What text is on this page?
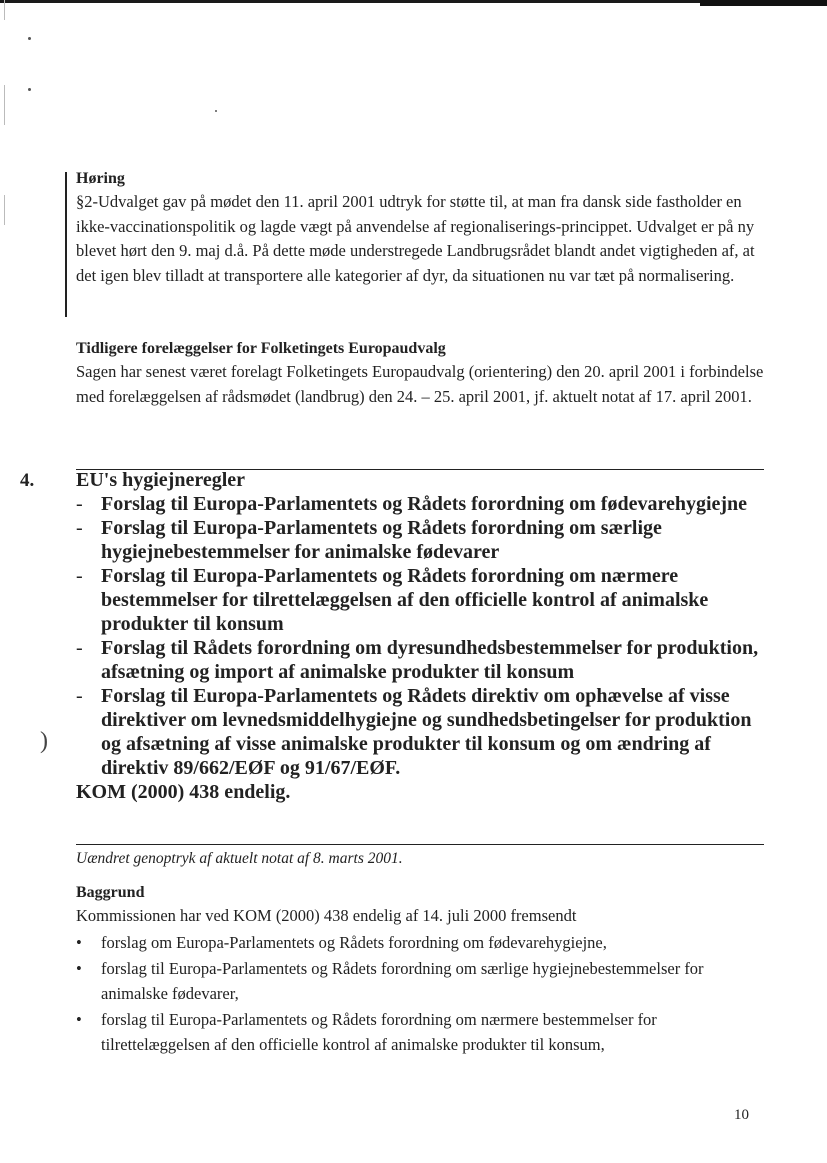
Høring
§2-Udvalget gav på mødet den 11. april 2001 udtryk for støtte til, at man fra dansk side fastholder en ikke-vaccinationspolitik og lagde vægt på anvendelse af regionaliserings-princippet. Udvalget er på ny blevet hørt den 9. maj d.å. På dette møde understregede Landbrugsrådet blandt andet vigtigheden af, at det igen blev tilladt at transportere alle kategorier af dyr, da situationen nu var tæt på normalisering.
Tidligere forelæggelser for Folketingets Europaudvalg
Sagen har senest været forelagt Folketingets Europaudvalg (orientering) den 20. april 2001 i forbindelse med forelæggelsen af rådsmødet (landbrug) den 24. – 25. april 2001, jf. aktuelt notat af 17. april 2001.
4. EU's hygiejneregler
- Forslag til Europa-Parlamentets og Rådets forordning om fødevarehygiejne
- Forslag til Europa-Parlamentets og Rådets forordning om særlige hygiejnebestemmelser for animalske fødevarer
- Forslag til Europa-Parlamentets og Rådets forordning om nærmere bestemmelser for tilrettelæggelsen af den officielle kontrol af animalske produkter til konsum
- Forslag til Rådets forordning om dyresundhedsbestemmelser for produktion, afsætning og import af animalske produkter til konsum
- Forslag til Europa-Parlamentets og Rådets direktiv om ophævelse af visse direktiver om levnedsmiddelhygiejne og sundhedsbetingelser for produktion og afsætning af visse animalske produkter til konsum og om ændring af direktiv 89/662/EØF og 91/67/EØF.
KOM (2000) 438 endelig.
)
Uændret genoptryk af aktuelt notat af 8. marts 2001.
Baggrund
Kommissionen har ved KOM (2000) 438 endelig af 14. juli 2000 fremsendt
• forslag om Europa-Parlamentets og Rådets forordning om fødevarehygiejne,
• forslag til Europa-Parlamentets og Rådets forordning om særlige hygiejnebestemmelser for animalske fødevarer,
• forslag til Europa-Parlamentets og Rådets forordning om nærmere bestemmelser for tilrettelæggelsen af den officielle kontrol af animalske produkter til konsum,
10
